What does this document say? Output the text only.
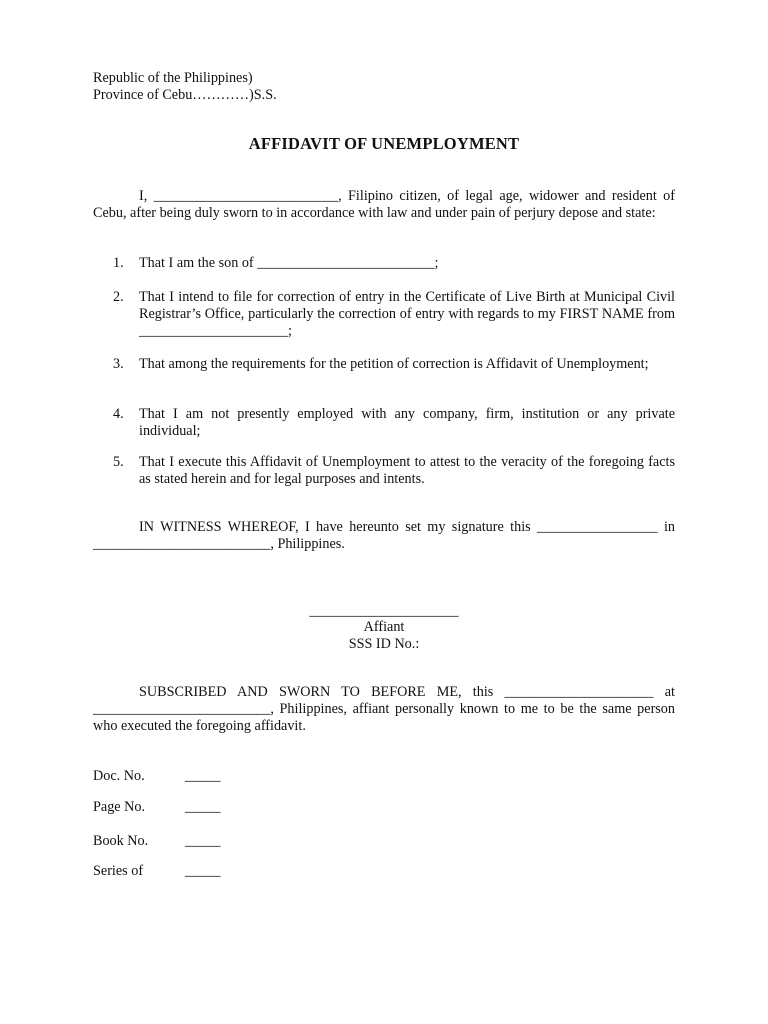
Republic of the Philippines)
Province of Cebu…………)S.S.
AFFIDAVIT OF UNEMPLOYMENT
I, __________________________, Filipino citizen, of legal age, widower and resident of Cebu, after being duly sworn to in accordance with law and under pain of perjury depose and state:
1.	That I am the son of _________________________;
2.	That I intend to file for correction of entry in the Certificate of Live Birth at Municipal Civil Registrar’s Office, particularly the correction of entry with regards to my FIRST NAME from _____________________;
3.	That among the requirements for the petition of correction is Affidavit of Unemployment;
4.	That I am not presently employed with any company, firm, institution or any private individual;
5.	That I execute this Affidavit of Unemployment to attest to the veracity of the foregoing facts as stated herein and for legal purposes and intents.
IN WITNESS WHEREOF, I have hereunto set my signature this _________________ in _________________________, Philippines.
_____________________
Affiant
SSS ID No.:
SUBSCRIBED AND SWORN TO BEFORE ME, this _____________________ at _________________________, Philippines, affiant personally known to me to be the same person who executed the foregoing affidavit.
Doc. No.	_____
Page No.	_____
Book No.	_____
Series of	_____
